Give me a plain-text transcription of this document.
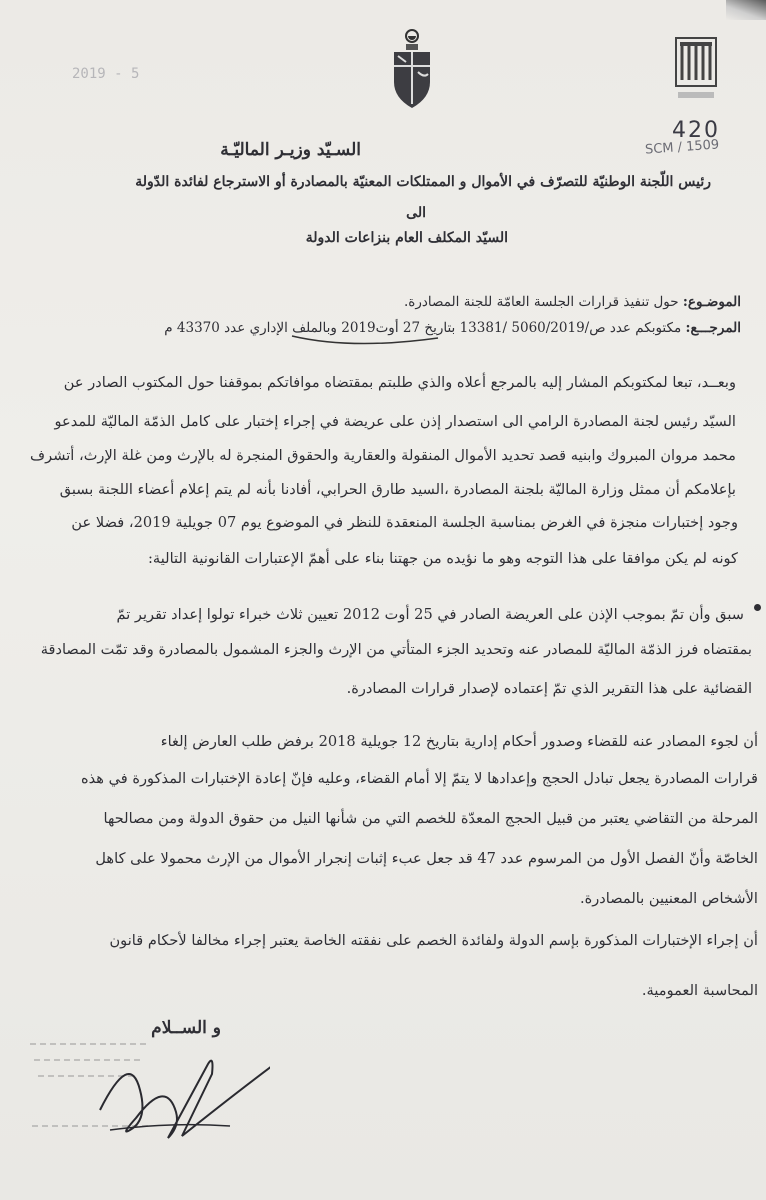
2019 - 5
420
SCM / 1509
السـيّد وزيـر الماليّـة
رئيس اللّجنة الوطنيّة للتصرّف في الأموال و الممتلكات المعنيّة بالمصادرة أو الاسترجاع لفائدة الدّولة
الى
السيّد المكلف العام بنزاعات الدولة
الموضـوع: حول تنفيذ قرارات الجلسة العامّة للجنة المصادرة.
المرجـــع: مكتوبكم عدد ص/5060/2019 /13381 بتاريخ 27 أوت2019 وبالملف الإداري عدد 43370 م
وبعــد، تبعا لمكتوبكم المشار إليه بالمرجع أعلاه والذي طلبتم بمقتضاه موافاتكم بموقفنا حول المكتوب الصادر عن
السيّد رئيس لجنة المصادرة الرامي الى استصدار إذن على عريضة في إجراء إختبار على كامل الذمّة الماليّة للمدعو
محمد مروان المبروك وابنيه قصد تحديد الأموال المنقولة والعقارية والحقوق المنجرة له بالإرث ومن غلة الإرث، أتشرف
بإعلامكم أن ممثل وزارة الماليّة بلجنة المصادرة ،السيد طارق الحرابي، أفادنا بأنه لم يتم إعلام أعضاء اللجنة بسبق
وجود إختبارات منجزة في الغرض بمناسبة الجلسة المنعقدة للنظر في الموضوع يوم 07 جويلية 2019، فضلا عن
كونه لم يكن موافقا على هذا التوجه وهو ما نؤيده من جهتنا بناء على أهمّ الإعتبارات القانونية التالية:
سبق وأن تمّ بموجب الإذن على العريضة الصادر في 25 أوت 2012 تعيين ثلاث خبراء تولوا إعداد تقرير تمّ
بمقتضاه فرز الذمّة الماليّة للمصادر عنه وتحديد الجزء المتأتي من الإرث والجزء المشمول بالمصادرة وقد تمّت المصادقة
القضائية على هذا التقرير الذي تمّ إعتماده لإصدار قرارات المصادرة.
أن لجوء المصادر عنه للقضاء وصدور أحكام إدارية بتاريخ 12 جويلية 2018 برفض طلب العارض إلغاء
قرارات المصادرة يجعل تبادل الحجج وإعدادها لا يتمّ إلا أمام القضاء، وعليه فإنّ إعادة الإختبارات المذكورة في هذه
المرحلة من التقاضي يعتبر من قبيل الحجج المعدّة للخصم التي من شأنها النيل من حقوق الدولة ومن مصالحها
الخاصّة وأنّ الفصل الأول من المرسوم عدد 47 قد جعل عبء إثبات إنجرار الأموال من الإرث محمولا على كاهل
الأشخاص المعنيين بالمصادرة.
أن إجراء الإختبارات المذكورة بإسم الدولة ولفائدة الخصم على نفقته الخاصة يعتبر إجراء مخالفا لأحكام قانون
المحاسبة العمومية.
و الســلام
